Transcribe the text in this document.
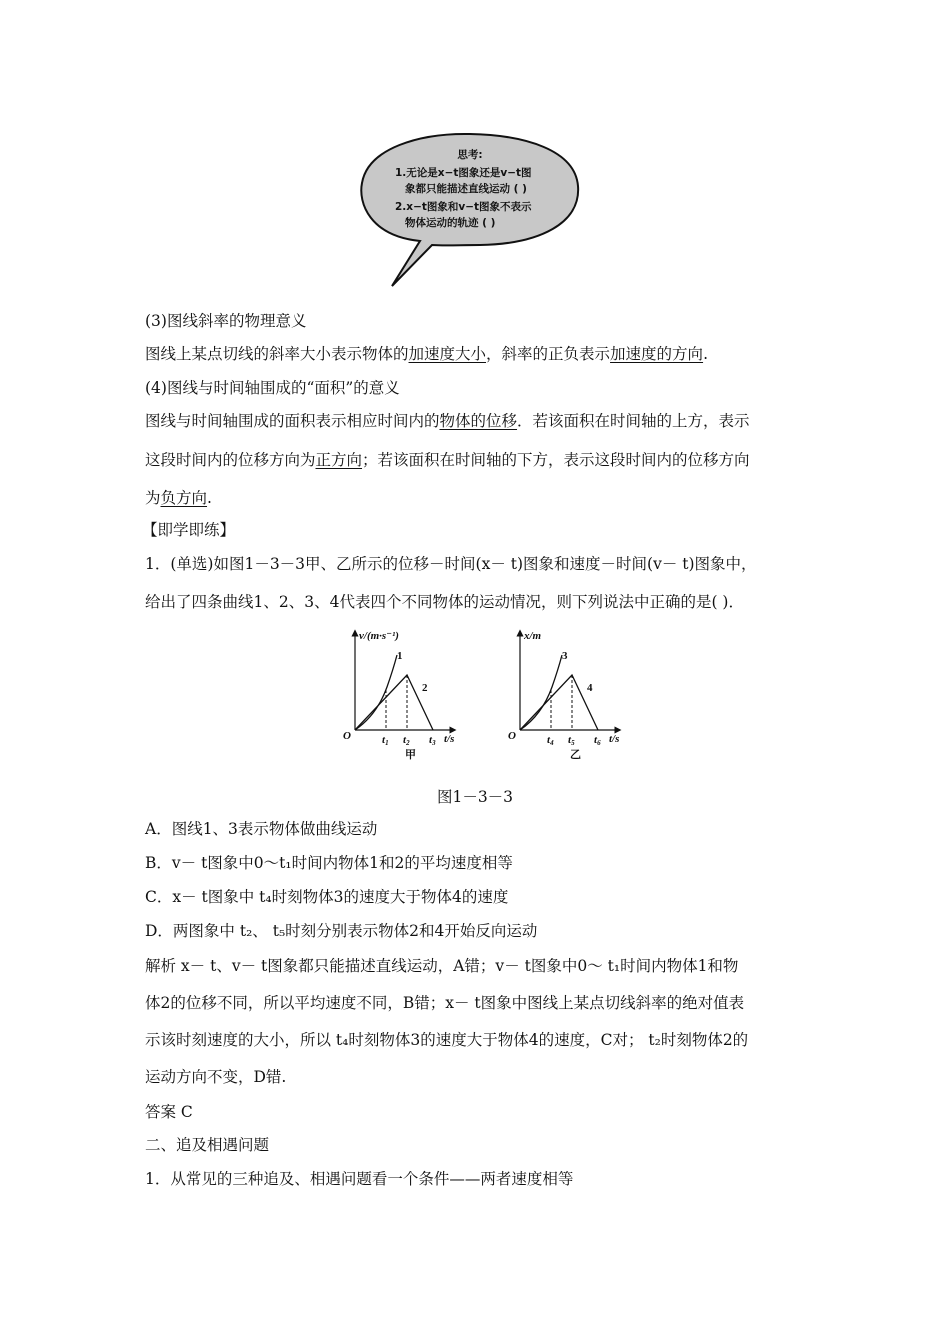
思考:
1.无论是x−t图象还是v−t图
象都只能描述直线运动 ( )
2.x−t图象和v−t图象不表示
物体运动的轨迹 ( )
(3)图线斜率的物理意义
图线上某点切线的斜率大小表示物体的加速度大小，斜率的正负表示加速度的方向.
(4)图线与时间轴围成的“面积”的意义
图线与时间轴围成的面积表示相应时间内的物体的位移．若该面积在时间轴的上方，表示
这段时间内的位移方向为正方向；若该面积在时间轴的下方，表示这段时间内的位移方向
为负方向.
【即学即练】
1．(单选)如图1－3－3甲、乙所示的位移－时间(x－ t)图象和速度－时间(v－ t)图象中，
给出了四条曲线1、2、3、4代表四个不同物体的运动情况，则下列说法中正确的是( )．
v/(m·s⁻¹)
O
1
2
t1 t2 t3 t/s
甲
x/m
O
3
4
t4 t5 t6 t/s
乙
图1－3－3
A．图线1、3表示物体做曲线运动
B．v－ t图象中0～t₁时间内物体1和2的平均速度相等
C．x－ t图象中 t₄时刻物体3的速度大于物体4的速度
D．两图象中 t₂、 t₅时刻分别表示物体2和4开始反向运动
解析 x－ t、v－ t图象都只能描述直线运动，A错；v－ t图象中0～ t₁时间内物体1和物
体2的位移不同，所以平均速度不同，B错；x－ t图象中图线上某点切线斜率的绝对值表
示该时刻速度的大小，所以 t₄时刻物体3的速度大于物体4的速度，C对； t₂时刻物体2的
运动方向不变，D错.
答案 C
二、追及相遇问题
1．从常见的三种追及、相遇问题看一个条件——两者速度相等
